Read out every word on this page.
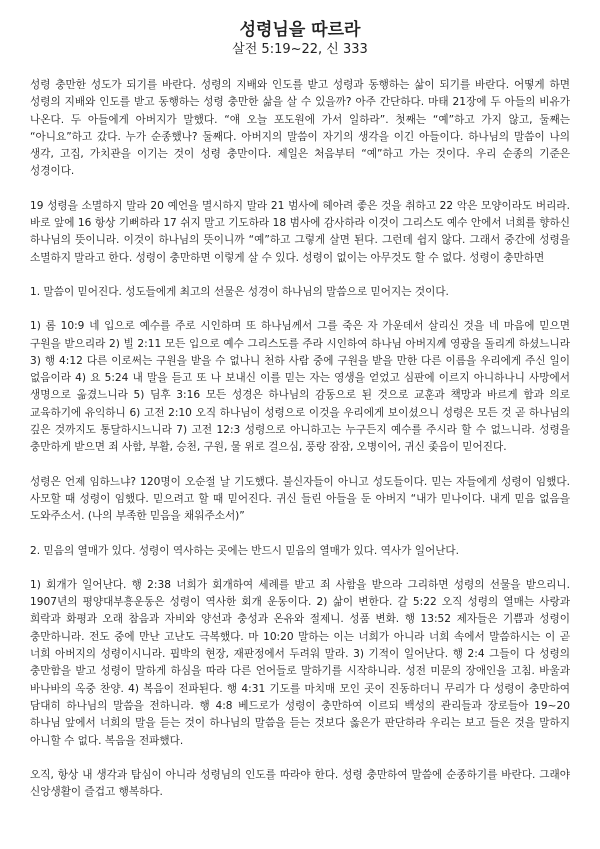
성령님을 따르라
살전 5:19~22, 신 333

성령 충만한 성도가 되기를 바란다. 성령의 지배와 인도를 받고 성령과 동행하는 삶이 되기를 바란다. 어떻게 하면 성령의 지배와 인도를 받고 동행하는 성령 충만한 삶을 살 수 있을까? 아주 간단하다. 마태 21장에 두 아들의 비유가 나온다. 두 아들에게 아버지가 말했다. “얘 오늘 포도원에 가서 일하라”. 첫째는 “예”하고 가지 않고, 둘째는 “아니요”하고 갔다. 누가 순종했나? 둘째다. 아버지의 말씀이 자기의 생각을 이긴 아들이다. 하나님의 말씀이 나의 생각, 고집, 가치관을 이기는 것이 성령 충만이다. 제일은 처음부터 “예”하고 가는 것이다. 우리 순종의 기준은 성경이다.

19 성령을 소멸하지 말라 20 예언을 멸시하지 말라 21 범사에 헤아려 좋은 것을 취하고 22 악은 모양이라도 버리라. 바로 앞에 16 항상 기뻐하라 17 쉬지 말고 기도하라 18 범사에 감사하라 이것이 그리스도 예수 안에서 너희를 향하신 하나님의 뜻이니라. 이것이 하나님의 뜻이니까 “예”하고 그렇게 살면 된다. 그런데 쉽지 않다. 그래서 중간에 성령을 소멸하지 말라고 한다. 성령이 충만하면 이렇게 살 수 있다. 성령이 없이는 아무것도 할 수 없다. 성령이 충만하면

1. 말씀이 믿어진다. 성도들에게 최고의 선물은 성경이 하나님의 말씀으로 믿어지는 것이다.

1) 롬 10:9 네 입으로 예수를 주로 시인하며 또 하나님께서 그를 죽은 자 가운데서 살리신 것을 네 마음에 믿으면 구원을 받으리라 2) 빌 2:11 모든 입으로 예수 그리스도를 주라 시인하여 하나님 아버지께 영광을 돌리게 하셨느니라 3) 행 4:12 다른 이로써는 구원을 받을 수 없나니 천하 사람 중에 구원을 받을 만한 다른 이름을 우리에게 주신 일이 없음이라 4) 요 5:24 내 말을 듣고 또 나 보내신 이를 믿는 자는 영생을 얻었고 심판에 이르지 아니하나니 사망에서 생명으로 옮겼느니라 5) 딤후 3:16 모든 성경은 하나님의 감동으로 된 것으로 교훈과 책망과 바르게 함과 의로 교육하기에 유익하니 6) 고전 2:10 오직 하나님이 성령으로 이것을 우리에게 보이셨으니 성령은 모든 것 곧 하나님의 깊은 것까지도 통달하시느니라 7) 고전 12:3 성령으로 아니하고는 누구든지 예수를 주시라 할 수 없느니라. 성령을 충만하게 받으면 죄 사함, 부활, 승천, 구원, 물 위로 걸으심, 풍랑 잠잠, 오병이어, 귀신 좇음이 믿어진다.

성령은 언제 임하느냐? 120명이 오순절 날 기도했다. 불신자들이 아니고 성도들이다. 믿는 자들에게 성령이 임했다. 사모할 때 성령이 임했다. 믿으려고 할 때 믿어진다. 귀신 들린 아들을 둔 아버지 “내가 믿나이다. 내게 믿음 없음을 도와주소서. (나의 부족한 믿음을 채워주소서)”

2. 믿음의 열매가 있다. 성령이 역사하는 곳에는 반드시 믿음의 열매가 있다. 역사가 일어난다.

1) 회개가 일어난다. 행 2:38 너희가 회개하여 세례를 받고 죄 사함을 받으라 그리하면 성령의 선물을 받으리니. 1907년의 평양대부흥운동은 성령이 역사한 회개 운동이다. 2) 삶이 변한다. 갈 5:22 오직 성령의 열매는 사랑과 희락과 화평과 오래 참음과 자비와 양선과 충성과 온유와 절제니. 성품 변화. 행 13:52 제자들은 기쁨과 성령이 충만하니라. 전도 중에 만난 고난도 극복했다. 마 10:20 말하는 이는 너희가 아니라 너희 속에서 말씀하시는 이 곧 너희 아버지의 성령이시니라. 핍박의 현장, 재판정에서 두려워 말라. 3) 기적이 일어난다. 행 2:4 그들이 다 성령의 충만함을 받고 성령이 말하게 하심을 따라 다른 언어들로 말하기를 시작하니라. 성전 미문의 장애인을 고침. 바울과 바나바의 옥중 찬양. 4) 복음이 전파된다. 행 4:31 기도를 마치매 모인 곳이 진동하더니 무리가 다 성령이 충만하여 담대히 하나님의 말씀을 전하니라. 행 4:8 베드로가 성령이 충만하여 이르되 백성의 관리들과 장로들아 19~20 하나님 앞에서 너희의 말을 듣는 것이 하나님의 말씀을 듣는 것보다 옳은가 판단하라 우리는 보고 들은 것을 말하지 아니할 수 없다. 복음을 전파했다.

오직, 항상 내 생각과 탐심이 아니라 성령님의 인도를 따라야 한다. 성령 충만하여 말씀에 순종하기를 바란다. 그래야 신앙생활이 즐겁고 행복하다.
